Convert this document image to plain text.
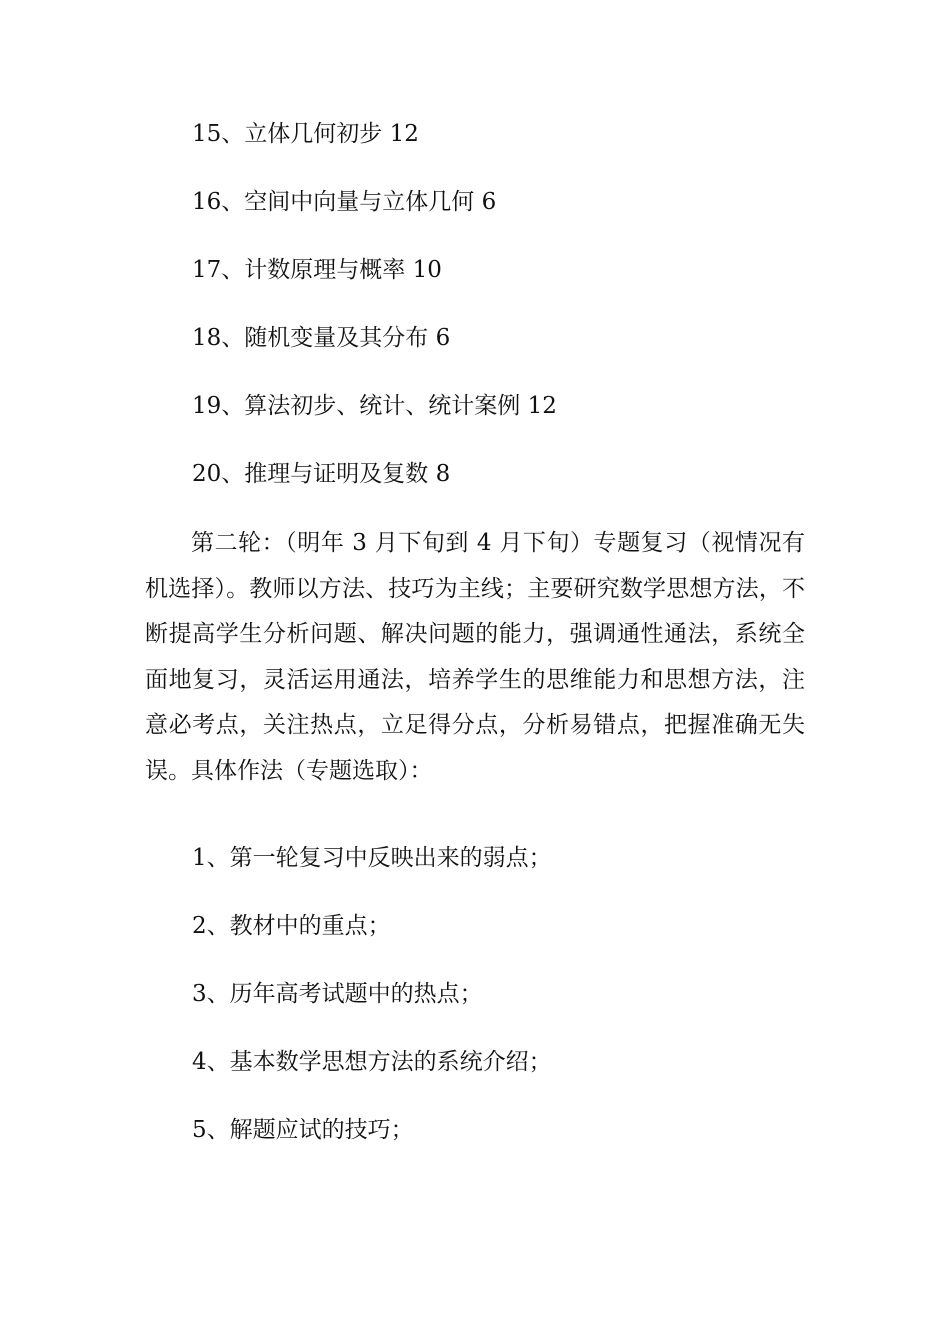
15、立体几何初步 12
16、空间中向量与立体几何 6
17、计数原理与概率 10
18、随机变量及其分布 6
19、算法初步、统计、统计案例 12
20、推理与证明及复数 8

第二轮：（明年 3 月下旬到 4 月下旬）专题复习（视情况有机选择）。教师以方法、技巧为主线；主要研究数学思想方法，不断提高学生分析问题、解决问题的能力，强调通性通法，系统全面地复习，灵活运用通法，培养学生的思维能力和思想方法，注意必考点，关注热点，立足得分点，分析易错点，把握准确无失误。具体作法（专题选取）：

1、第一轮复习中反映出来的弱点；
2、教材中的重点；
3、历年高考试题中的热点；
4、基本数学思想方法的系统介绍；
5、解题应试的技巧；
